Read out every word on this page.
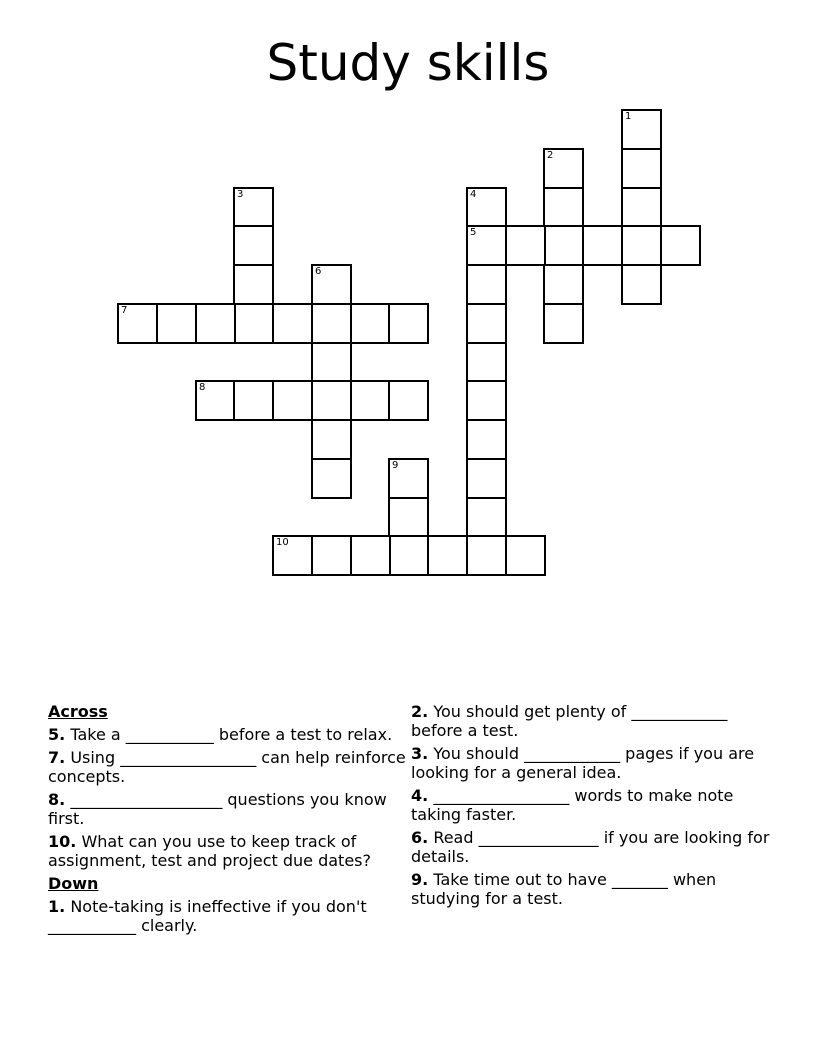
Study skills
1
2
3	4
5
6
7
8
9
10
Across
5. Take a ___________ before a test to relax.
7. Using _________________ can help reinforce concepts.
8. ___________________ questions you know first.
10. What can you use to keep track of assignment, test and project due dates?
Down
1. Note-taking is ineffective if you don't ___________ clearly.
2. You should get plenty of ____________ before a test.
3. You should ____________ pages if you are looking for a general idea.
4. _________________ words to make note taking faster.
6. Read _______________ if you are looking for details.
9. Take time out to have _______ when studying for a test.
